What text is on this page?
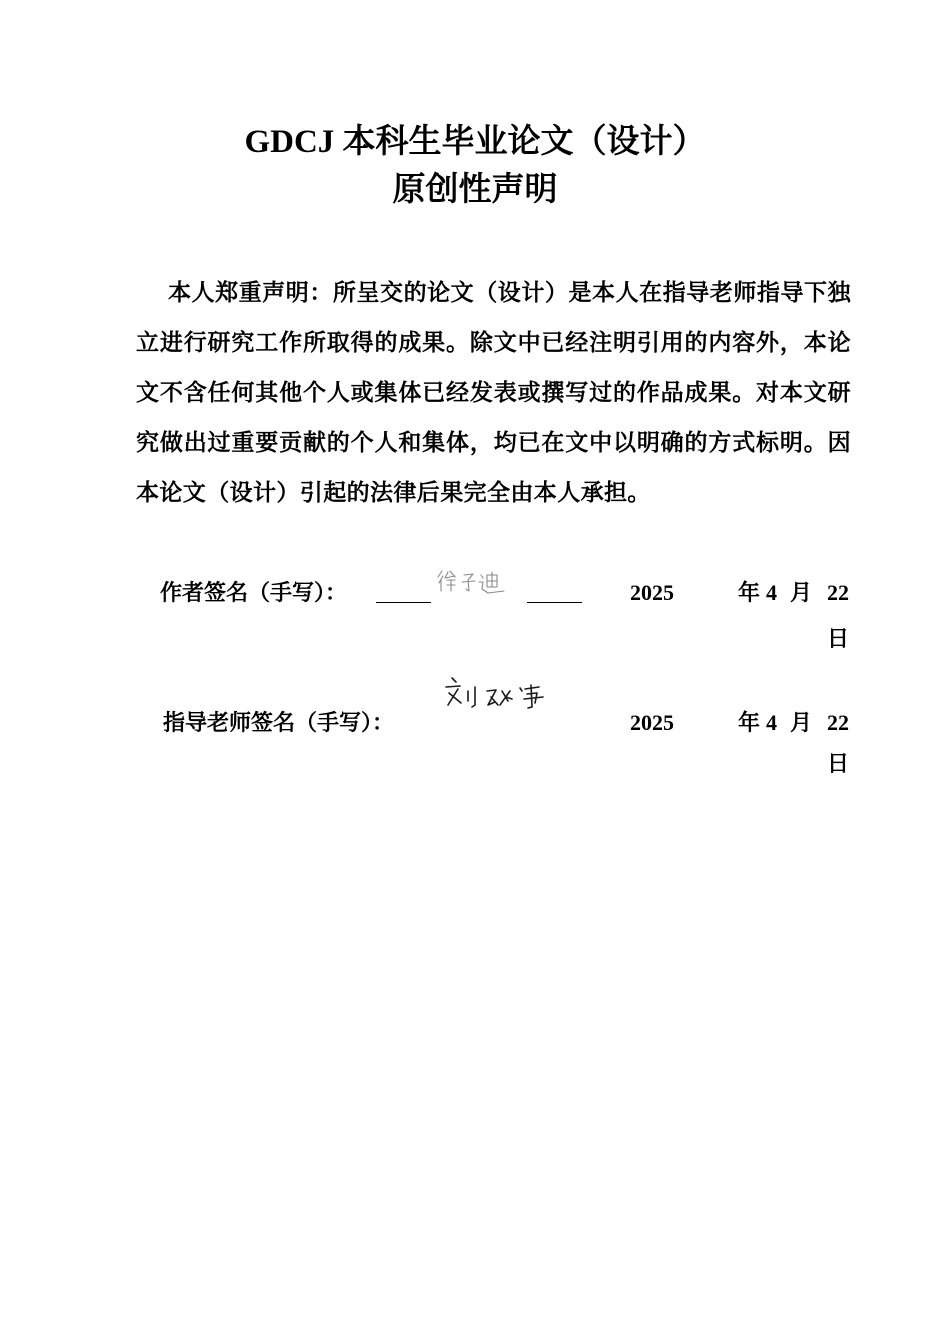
GDCJ 本科生毕业论文（设计）
原创性声明

本人郑重声明：所呈交的论文（设计）是本人在指导老师指导下独立进行研究工作所取得的成果。除文中已经注明引用的内容外，本论文不含任何其他个人或集体已经发表或撰写过的作品成果。对本文研究做出过重要贡献的个人和集体，均已在文中以明确的方式标明。因本论文（设计）引起的法律后果完全由本人承担。

作者签名（手写）：	2025	年 4 月 22
日
指导老师签名（手写）：	2025	年 4 月 22
日
